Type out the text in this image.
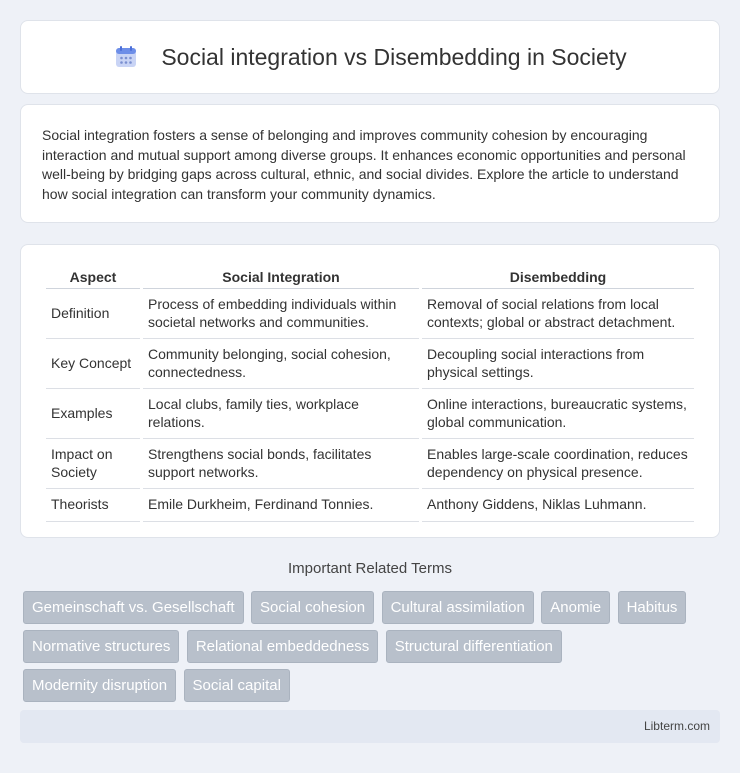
Social integration vs Disembedding in Society

Social integration fosters a sense of belonging and improves community cohesion by encouraging interaction and mutual support among diverse groups. It enhances economic opportunities and personal well-being by bridging gaps across cultural, ethnic, and social divides. Explore the article to understand how social integration can transform your community dynamics.

Aspect	Social Integration	Disembedding
Definition	Process of embedding individuals within societal networks and communities.	Removal of social relations from local contexts; global or abstract detachment.
Key Concept	Community belonging, social cohesion, connectedness.	Decoupling social interactions from physical settings.
Examples	Local clubs, family ties, workplace relations.	Online interactions, bureaucratic systems, global communication.
Impact on Society	Strengthens social bonds, facilitates support networks.	Enables large-scale coordination, reduces dependency on physical presence.
Theorists	Emile Durkheim, Ferdinand Tonnies.	Anthony Giddens, Niklas Luhmann.
Important Related Terms
Gemeinschaft vs. Gesellschaft Social cohesion Cultural assimilation Anomie Habitus Normative structures Relational embeddedness Structural differentiation Modernity disruption Social capital
Libterm.com
